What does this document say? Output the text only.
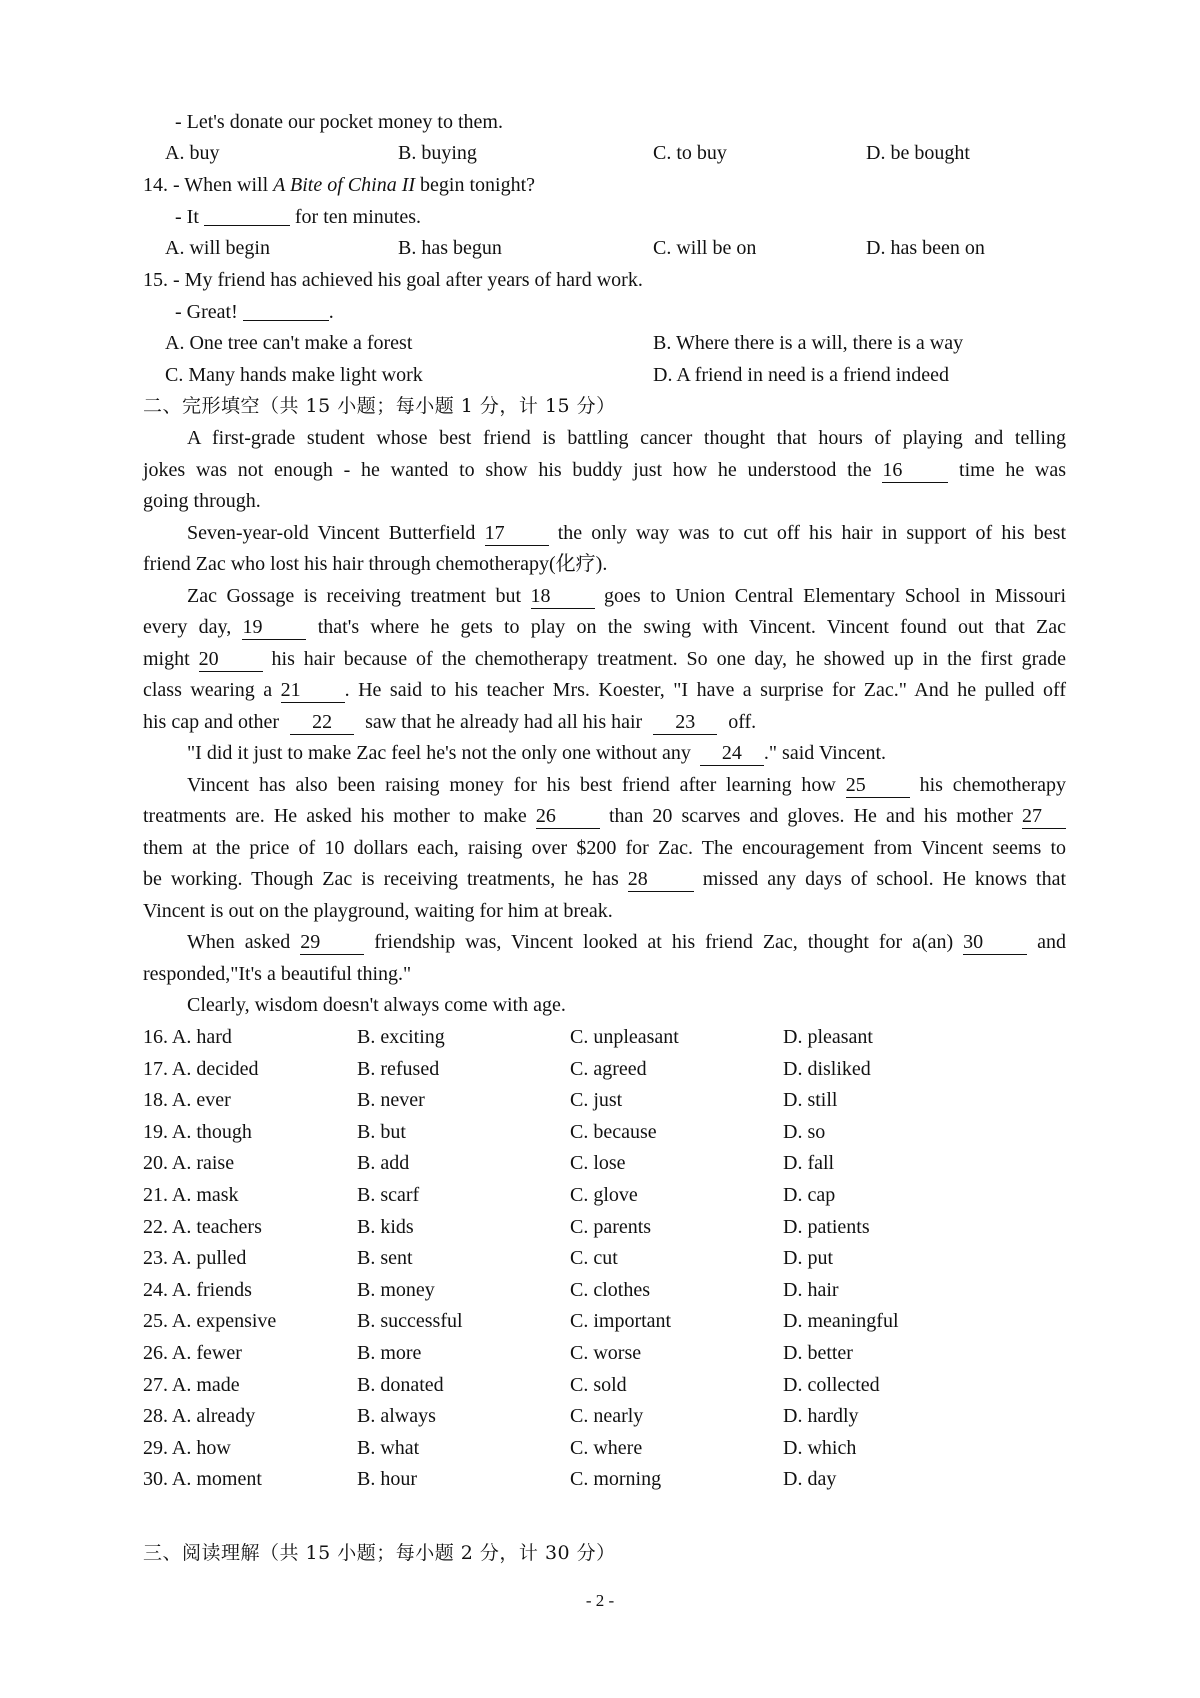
- Let's donate our pocket money to them.
A. buy	B. buying	C. to buy	D. be bought
14. - When will A Bite of China II begin tonight?
- It	for ten minutes.
A. will begin	B. has begun	C. will be on	D. has been on
15. - My friend has achieved his goal after years of hard work.
- Great!	.
A. One tree can't make a forest	B. Where there is a will, there is a way
C. Many hands make light work	D. A friend in need is a friend indeed
二、完形填空（共 15 小题；每小题 1 分，计 15 分）
A first-grade student whose best friend is battling cancer thought that hours of playing and telling
jokes was not enough - he wanted to show his buddy just how he understood the 16	time he was
going through.
Seven-year-old Vincent Butterfield 17	the only way was to cut off his hair in support of his best
friend Zac who lost his hair through chemotherapy(化疗).
Zac Gossage is receiving treatment but 18	goes to Union Central Elementary School in Missouri
every day, 19	that's where he gets to play on the swing with Vincent. Vincent found out that Zac
might 20	his hair because of the chemotherapy treatment. So one day, he showed up in the first grade
class wearing a 21 . He said to his teacher Mrs. Koester, "I have a surprise for Zac." And he pulled off
his cap and other 22 saw that he already had all his hair 23 off.
"I did it just to make Zac feel he's not the only one without any 24 ." said Vincent.
Vincent has also been raising money for his best friend after learning how 25	his chemotherapy
treatments are. He asked his mother to make 26	than 20 scarves and gloves. He and his mother 27
them at the price of 10 dollars each, raising over $200 for Zac. The encouragement from Vincent seems to
be working. Though Zac is receiving treatments, he has 28	missed any days of school. He knows that
Vincent is out on the playground, waiting for him at break.
When asked 29	friendship was, Vincent looked at his friend Zac, thought for a(an) 30	and
responded,"It's a beautiful thing."
Clearly, wisdom doesn't always come with age.
16. A. hard	B. exciting	C. unpleasant	D. pleasant
17. A. decided	B. refused	C. agreed	D. disliked
18. A. ever	B. never	C. just	D. still
19. A. though	B. but	C. because	D. so
20. A. raise	B. add	C. lose	D. fall
21. A. mask	B. scarf	C. glove	D. cap
22. A. teachers	B. kids	C. parents	D. patients
23. A. pulled	B. sent	C. cut	D. put
24. A. friends	B. money	C. clothes	D. hair
25. A. expensive	B. successful	C. important	D. meaningful
26. A. fewer	B. more	C. worse	D. better
27. A. made	B. donated	C. sold	D. collected
28. A. already	B. always	C. nearly	D. hardly
29. A. how	B. what	C. where	D. which
30. A. moment	B. hour	C. morning	D. day
三、阅读理解（共 15 小题；每小题 2 分，计 30 分）
- 2 -
